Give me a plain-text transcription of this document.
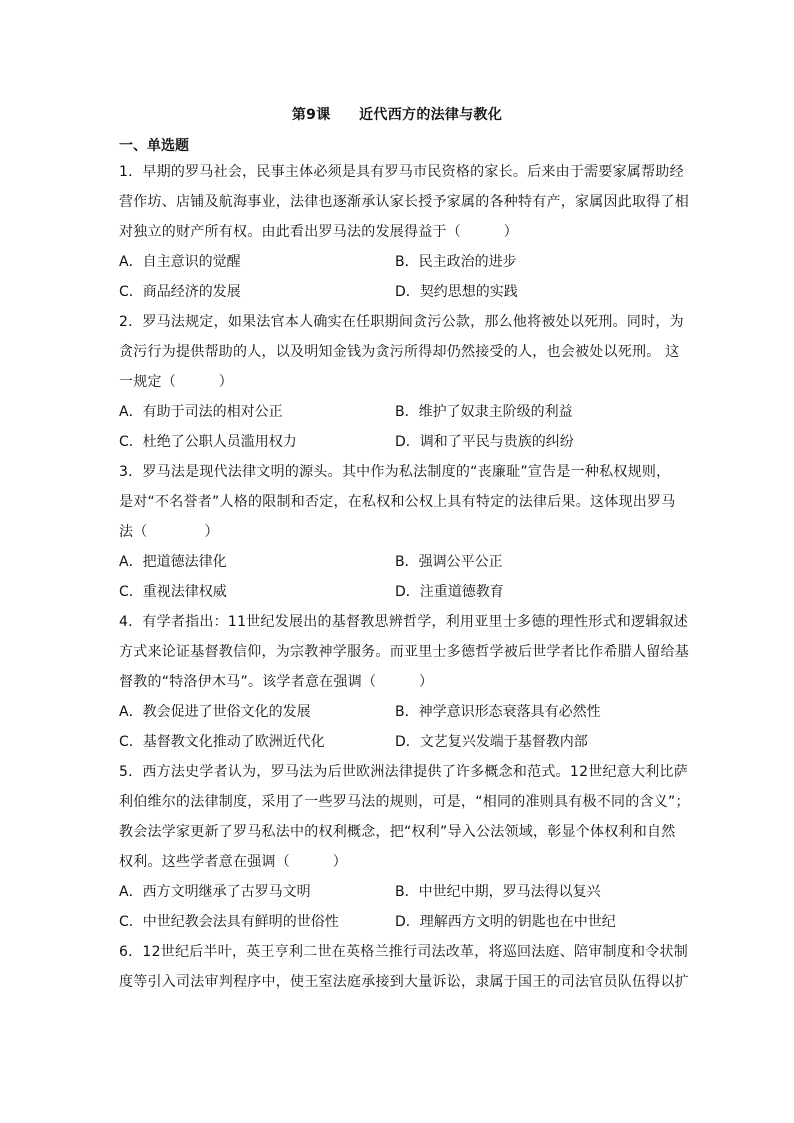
第9课　　近代西方的法律与教化
一、单选题
1．早期的罗马社会，民事主体必须是具有罗马市民资格的家长。后来由于需要家属帮助经
营作坊、店铺及航海事业，法律也逐渐承认家长授予家属的各种特有产，家属因此取得了相
对独立的财产所有权。由此看出罗马法的发展得益于（　　　）
A．自主意识的觉醒	B．民主政治的进步
C．商品经济的发展	D．契约思想的实践
2．罗马法规定，如果法官本人确实在任职期间贪污公款，那么他将被处以死刑。同时，为
贪污行为提供帮助的人，以及明知金钱为贪污所得却仍然接受的人，也会被处以死刑。 这
一规定（　　　）
A．有助于司法的相对公正	B．维护了奴隶主阶级的利益
C．杜绝了公职人员滥用权力	D．调和了平民与贵族的纠纷
3．罗马法是现代法律文明的源头。其中作为私法制度的“丧廉耻”宣告是一种私权规则，
是对“不名誉者”人格的限制和否定，在私权和公权上具有特定的法律后果。这体现出罗马
法（　　　　）
A．把道德法律化	B．强调公平公正
C．重视法律权威	D．注重道德教育
4．有学者指出：11世纪发展出的基督教思辨哲学，利用亚里士多德的理性形式和逻辑叙述
方式来论证基督教信仰，为宗教神学服务。而亚里士多德哲学被后世学者比作希腊人留给基
督教的“特洛伊木马”。该学者意在强调（　　　）
A．教会促进了世俗文化的发展	B．神学意识形态衰落具有必然性
C．基督教文化推动了欧洲近代化	D．文艺复兴发端于基督教内部
5．西方法史学者认为，罗马法为后世欧洲法律提供了许多概念和范式。12世纪意大利比萨
利伯维尔的法律制度，采用了一些罗马法的规则，可是，“相同的准则具有极不同的含义”；
教会法学家更新了罗马私法中的权利概念，把“权利”导入公法领域，彰显个体权利和自然
权利。这些学者意在强调（　　　）
A．西方文明继承了古罗马文明	B．中世纪中期，罗马法得以复兴
C．中世纪教会法具有鲜明的世俗性	D．理解西方文明的钥匙也在中世纪
6．12世纪后半叶，英王亨利二世在英格兰推行司法改革，将巡回法庭、陪审制度和令状制
度等引入司法审判程序中，使王室法庭承接到大量诉讼，隶属于国王的司法官员队伍得以扩
